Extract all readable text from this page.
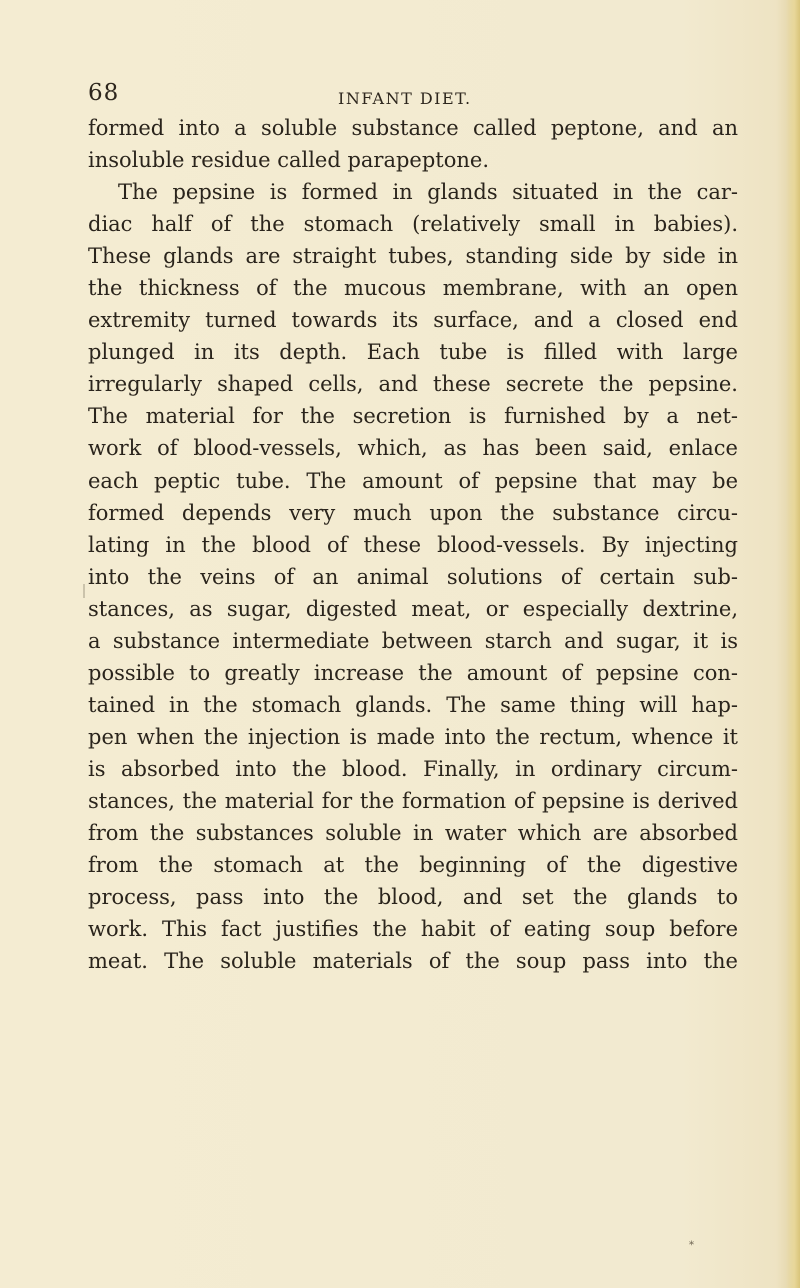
68	INFANT DIET.
formed into a soluble substance called peptone, and an
insoluble residue called parapeptone.
The pepsine is formed in glands situated in the car-
diac half of the stomach (relatively small in babies).
These glands are straight tubes, standing side by side in
the thickness of the mucous membrane, with an open
extremity turned towards its surface, and a closed end
plunged in its depth. Each tube is filled with large
irregularly shaped cells, and these secrete the pepsine.
The material for the secretion is furnished by a net-
work of blood-vessels, which, as has been said, enlace
each peptic tube. The amount of pepsine that may be
formed depends very much upon the substance circu-
lating in the blood of these blood-vessels. By injecting
into the veins of an animal solutions of certain sub-
stances, as sugar, digested meat, or especially dextrine,
a substance intermediate between starch and sugar, it is
possible to greatly increase the amount of pepsine con-
tained in the stomach glands. The same thing will hap-
pen when the injection is made into the rectum, whence it
is absorbed into the blood. Finally, in ordinary circum-
stances, the material for the formation of pepsine is derived
from the substances soluble in water which are absorbed
from the stomach at the beginning of the digestive
process, pass into the blood, and set the glands to
work. This fact justifies the habit of eating soup before
meat. The soluble materials of the soup pass into the
*
